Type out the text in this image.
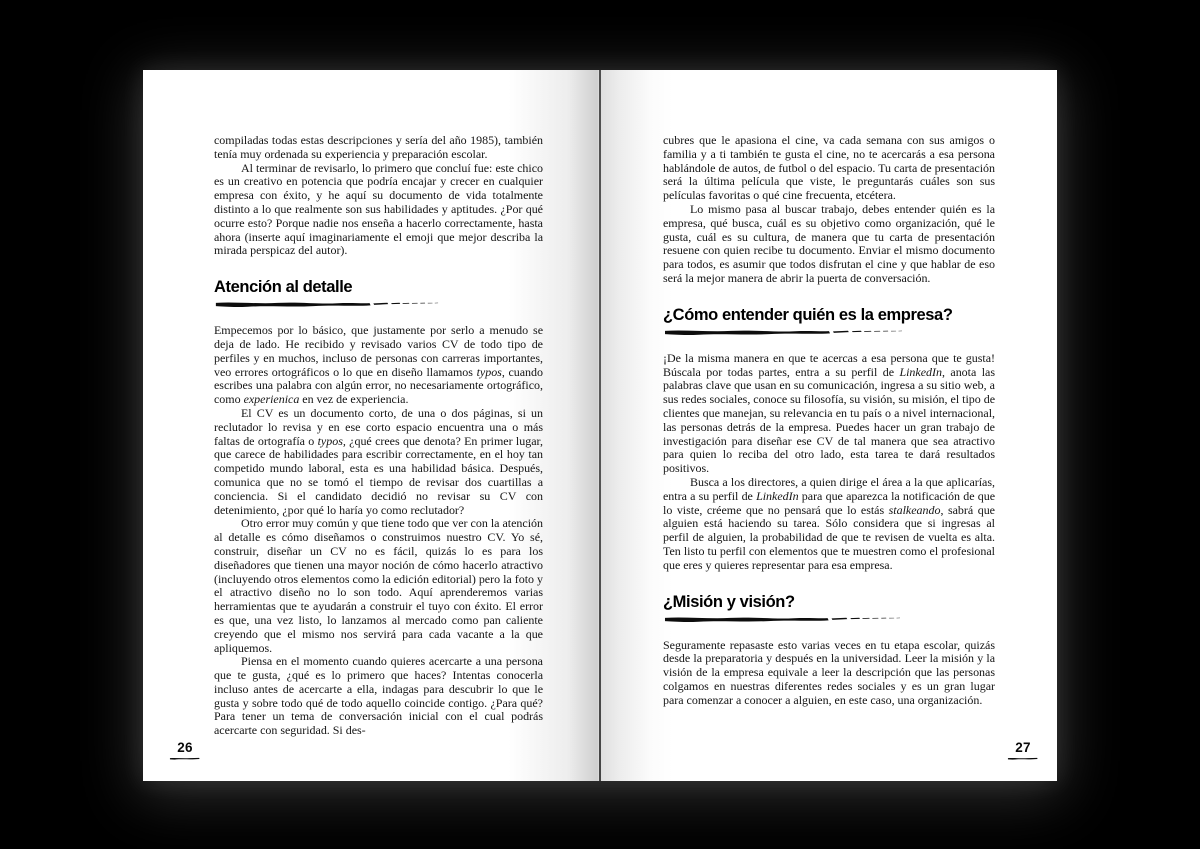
compiladas todas estas descripciones y sería del año 1985), también tenía muy ordenada su experiencia y preparación escolar.

Al terminar de revisarlo, lo primero que concluí fue: este chico es un creativo en potencia que podría encajar y crecer en cualquier empresa con éxito, y he aquí su documento de vida totalmente distinto a lo que realmente son sus habilidades y aptitudes. ¿Por qué ocurre esto? Porque nadie nos enseña a hacerlo correctamente, hasta ahora (inserte aquí imaginariamente el emoji que mejor describa la mirada perspicaz del autor).

Atención al detalle

Empecemos por lo básico, que justamente por serlo a menudo se deja de lado. He recibido y revisado varios CV de todo tipo de perfiles y en muchos, incluso de personas con carreras importantes, veo errores ortográficos o lo que en diseño llamamos typos, cuando escribes una palabra con algún error, no necesariamente ortográfico, como experienica en vez de experiencia.

El CV es un documento corto, de una o dos páginas, si un reclutador lo revisa y en ese corto espacio encuentra una o más faltas de ortografía o typos, ¿qué crees que denota? En primer lugar, que carece de habilidades para escribir correctamente, en el hoy tan competido mundo laboral, esta es una habilidad básica. Después, comunica que no se tomó el tiempo de revisar dos cuartillas a conciencia. Si el candidato decidió no revisar su CV con detenimiento, ¿por qué lo haría yo como reclutador?

Otro error muy común y que tiene todo que ver con la atención al detalle es cómo diseñamos o construimos nuestro CV. Yo sé, construir, diseñar un CV no es fácil, quizás lo es para los diseñadores que tienen una mayor noción de cómo hacerlo atractivo (incluyendo otros elementos como la edición editorial) pero la foto y el atractivo diseño no lo son todo. Aquí aprenderemos varias herramientas que te ayudarán a construir el tuyo con éxito. El error es que, una vez listo, lo lanzamos al mercado como pan caliente creyendo que el mismo nos servirá para cada vacante a la que apliquemos.

Piensa en el momento cuando quieres acercarte a una persona que te gusta, ¿qué es lo primero que haces? Intentas conocerla incluso antes de acercarte a ella, indagas para descubrir lo que le gusta y sobre todo qué de todo aquello coincide contigo. ¿Para qué? Para tener un tema de conversación inicial con el cual podrás acercarte con seguridad. Si des-

26

cubres que le apasiona el cine, va cada semana con sus amigos o familia y a ti también te gusta el cine, no te acercarás a esa persona hablándole de autos, de futbol o del espacio. Tu carta de presentación será la última película que viste, le preguntarás cuáles son sus películas favoritas o qué cine frecuenta, etcétera.

Lo mismo pasa al buscar trabajo, debes entender quién es la empresa, qué busca, cuál es su objetivo como organización, qué le gusta, cuál es su cultura, de manera que tu carta de presentación resuene con quien recibe tu documento. Enviar el mismo documento para todos, es asumir que todos disfrutan el cine y que hablar de eso será la mejor manera de abrir la puerta de conversación.

¿Cómo entender quién es la empresa?

¡De la misma manera en que te acercas a esa persona que te gusta! Búscala por todas partes, entra a su perfil de LinkedIn, anota las palabras clave que usan en su comunicación, ingresa a su sitio web, a sus redes sociales, conoce su filosofía, su visión, su misión, el tipo de clientes que manejan, su relevancia en tu país o a nivel internacional, las personas detrás de la empresa. Puedes hacer un gran trabajo de investigación para diseñar ese CV de tal manera que sea atractivo para quien lo reciba del otro lado, esta tarea te dará resultados positivos.

Busca a los directores, a quien dirige el área a la que aplicarías, entra a su perfil de LinkedIn para que aparezca la notificación de que lo viste, créeme que no pensará que lo estás stalkeando, sabrá que alguien está haciendo su tarea. Sólo considera que si ingresas al perfil de alguien, la probabilidad de que te revisen de vuelta es alta. Ten listo tu perfil con elementos que te muestren como el profesional que eres y quieres representar para esa empresa.

¿Misión y visión?

Seguramente repasaste esto varias veces en tu etapa escolar, quizás desde la preparatoria y después en la universidad. Leer la misión y la visión de la empresa equivale a leer la descripción que las personas colgamos en nuestras diferentes redes sociales y es un gran lugar para comenzar a conocer a alguien, en este caso, una organización.

27
